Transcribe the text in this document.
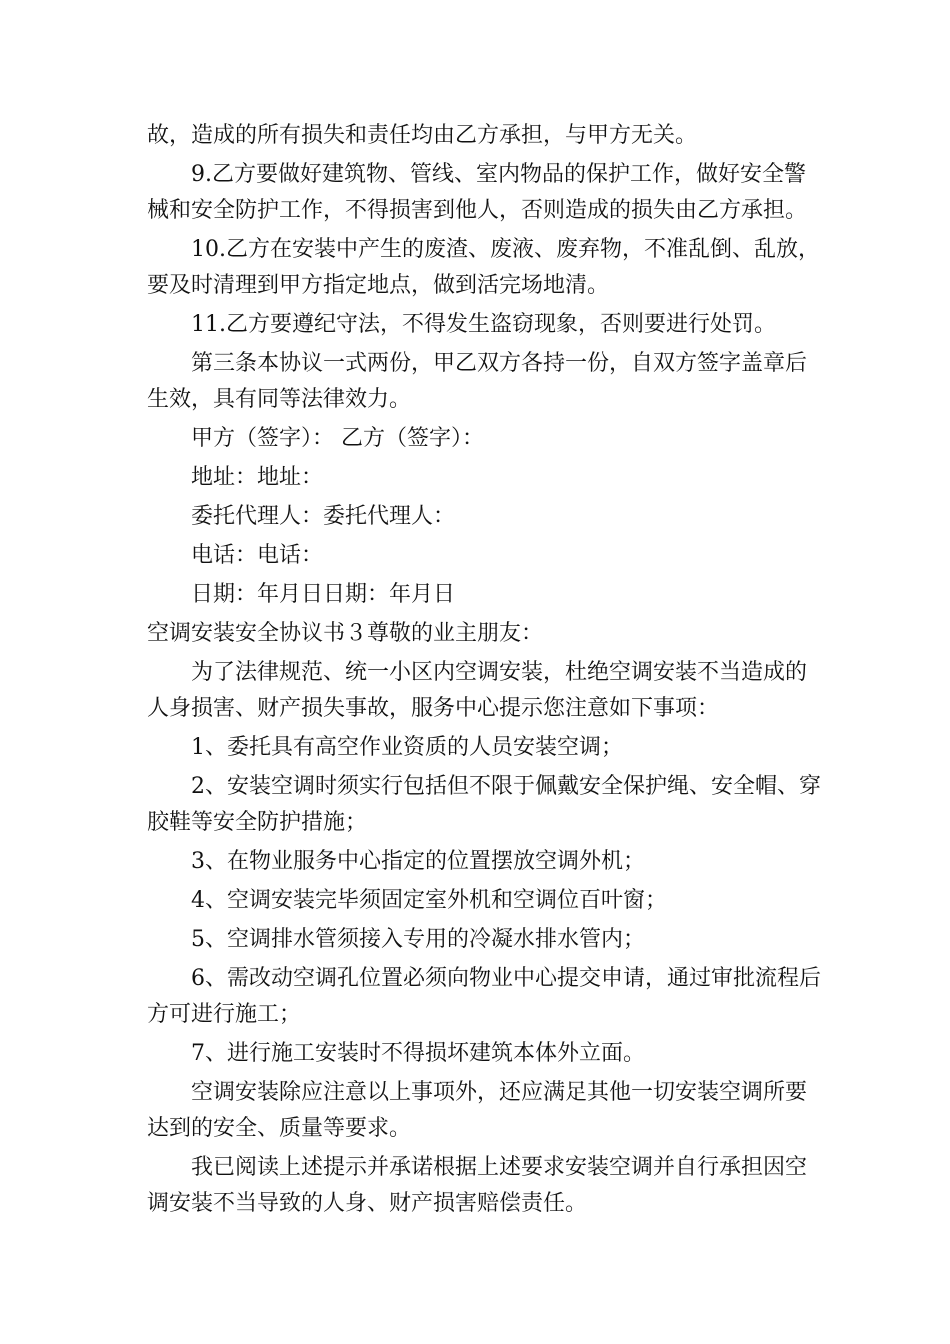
故，造成的所有损失和责任均由乙方承担，与甲方无关。

9.乙方要做好建筑物、管线、室内物品的保护工作，做好安全警械和安全防护工作，不得损害到他人，否则造成的损失由乙方承担。

10.乙方在安装中产生的废渣、废液、废弃物，不准乱倒、乱放，要及时清理到甲方指定地点，做到活完场地清。

11.乙方要遵纪守法，不得发生盗窃现象，否则要进行处罚。

第三条本协议一式两份，甲乙双方各持一份，自双方签字盖章后生效，具有同等法律效力。

甲方（签字）： 乙方（签字）：

地址：地址：

委托代理人：委托代理人：

电话：电话：

日期：年月日日期：年月日

空调安装安全协议书３尊敬的业主朋友：

为了法律规范、统一小区内空调安装，杜绝空调安装不当造成的人身损害、财产损失事故，服务中心提示您注意如下事项：

1、委托具有高空作业资质的人员安装空调；

2、安装空调时须实行包括但不限于佩戴安全保护绳、安全帽、穿胶鞋等安全防护措施；

3、在物业服务中心指定的位置摆放空调外机；

4、空调安装完毕须固定室外机和空调位百叶窗；

5、空调排水管须接入专用的冷凝水排水管内；

6、需改动空调孔位置必须向物业中心提交申请，通过审批流程后方可进行施工；

7、进行施工安装时不得损坏建筑本体外立面。

空调安装除应注意以上事项外，还应满足其他一切安装空调所要达到的安全、质量等要求。

我已阅读上述提示并承诺根据上述要求安装空调并自行承担因空调安装不当导致的人身、财产损害赔偿责任。
